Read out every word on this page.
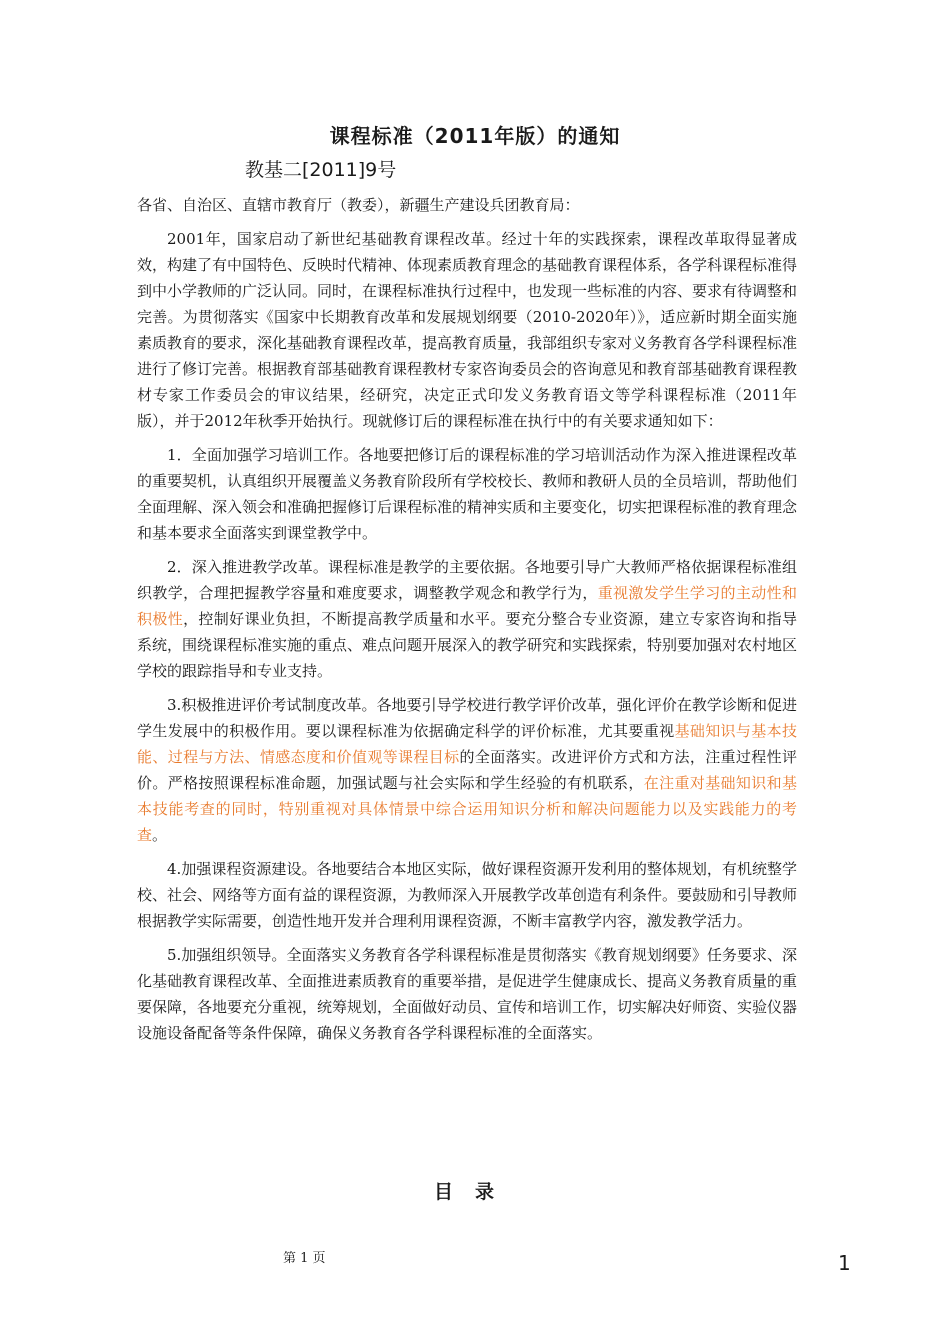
课程标准（2011年版）的通知
教基二[2011]9号

各省、自治区、直辖市教育厅（教委），新疆生产建设兵团教育局：

2001年，国家启动了新世纪基础教育课程改革。经过十年的实践探索，课程改革取得显著成效，构建了有中国特色、反映时代精神、体现素质教育理念的基础教育课程体系，各学科课程标准得到中小学教师的广泛认同。同时，在课程标准执行过程中，也发现一些标准的内容、要求有待调整和完善。为贯彻落实《国家中长期教育改革和发展规划纲要（2010-2020年）》，适应新时期全面实施素质教育的要求，深化基础教育课程改革，提高教育质量，我部组织专家对义务教育各学科课程标准进行了修订完善。根据教育部基础教育课程教材专家咨询委员会的咨询意见和教育部基础教育课程教材专家工作委员会的审议结果，经研究，决定正式印发义务教育语文等学科课程标准（2011年版），并于2012年秋季开始执行。现就修订后的课程标准在执行中的有关要求通知如下：

1．全面加强学习培训工作。各地要把修订后的课程标准的学习培训活动作为深入推进课程改革的重要契机，认真组织开展覆盖义务教育阶段所有学校校长、教师和教研人员的全员培训，帮助他们全面理解、深入领会和准确把握修订后课程标准的精神实质和主要变化，切实把课程标准的教育理念和基本要求全面落实到课堂教学中。

2．深入推进教学改革。课程标准是教学的主要依据。各地要引导广大教师严格依据课程标准组织教学，合理把握教学容量和难度要求，调整教学观念和教学行为，重视激发学生学习的主动性和积极性，控制好课业负担，不断提高教学质量和水平。要充分整合专业资源，建立专家咨询和指导系统，围绕课程标准实施的重点、难点问题开展深入的教学研究和实践探索，特别要加强对农村地区学校的跟踪指导和专业支持。

3.积极推进评价考试制度改革。各地要引导学校进行教学评价改革，强化评价在教学诊断和促进学生发展中的积极作用。要以课程标准为依据确定科学的评价标准，尤其要重视基础知识与基本技能、过程与方法、情感态度和价值观等课程目标的全面落实。改进评价方式和方法，注重过程性评价。严格按照课程标准命题，加强试题与社会实际和学生经验的有机联系，在注重对基础知识和基本技能考查的同时，特别重视对具体情景中综合运用知识分析和解决问题能力以及实践能力的考查。

4.加强课程资源建设。各地要结合本地区实际，做好课程资源开发利用的整体规划，有机统整学校、社会、网络等方面有益的课程资源，为教师深入开展教学改革创造有利条件。要鼓励和引导教师根据教学实际需要，创造性地开发并合理利用课程资源，不断丰富教学内容，激发教学活力。

5.加强组织领导。全面落实义务教育各学科课程标准是贯彻落实《教育规划纲要》任务要求、深化基础教育课程改革、全面推进素质教育的重要举措，是促进学生健康成长、提高义务教育质量的重要保障，各地要充分重视，统筹规划，全面做好动员、宣传和培训工作，切实解决好师资、实验仪器设施设备配备等条件保障，确保义务教育各学科课程标准的全面落实。

目录
第 1 页	1
